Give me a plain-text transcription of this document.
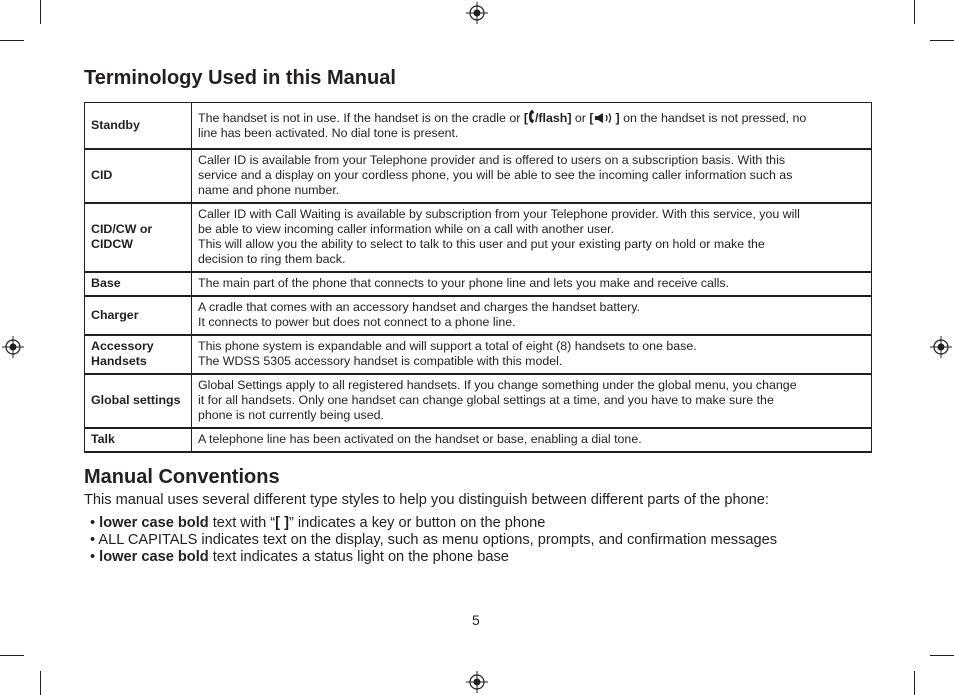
Terminology Used in this Manual
Standby	The handset is not in use. If the handset is on the cradle or [ /flash] or [ ] on the handset is not pressed, no
line has been activated. No dial tone is present.

CID	Caller ID is available from your Telephone provider and is offered to users on a subscription basis. With this
service and a display on your cordless phone, you will be able to see the incoming caller information such as
name and phone number.

CID/CW or CIDCW	Caller ID with Call Waiting is available by subscription from your Telephone provider. With this service, you will
be able to view incoming caller information while on a call with another user.
This will allow you the ability to select to talk to this user and put your existing party on hold or make the
decision to ring them back.

Base	The main part of the phone that connects to your phone line and lets you make and receive calls.

Charger	A cradle that comes with an accessory handset and charges the handset battery.
It connects to power but does not connect to a phone line.

Accessory Handsets	This phone system is expandable and will support a total of eight (8) handsets to one base.
The WDSS 5305 accessory handset is compatible with this model.

Global settings	Global Settings apply to all registered handsets. If you change something under the global menu, you change
it for all handsets. Only one handset can change global settings at a time, and you have to make sure the
phone is not currently being used.

Talk	A telephone line has been activated on the handset or base, enabling a dial tone.
Manual Conventions

This manual uses several different type styles to help you distinguish between different parts of the phone:

• lower case bold text with “[ ]” indicates a key or button on the phone
• ALL CAPITALS indicates text on the display, such as menu options, prompts, and confirmation messages
• lower case bold text indicates a status light on the phone base
5
